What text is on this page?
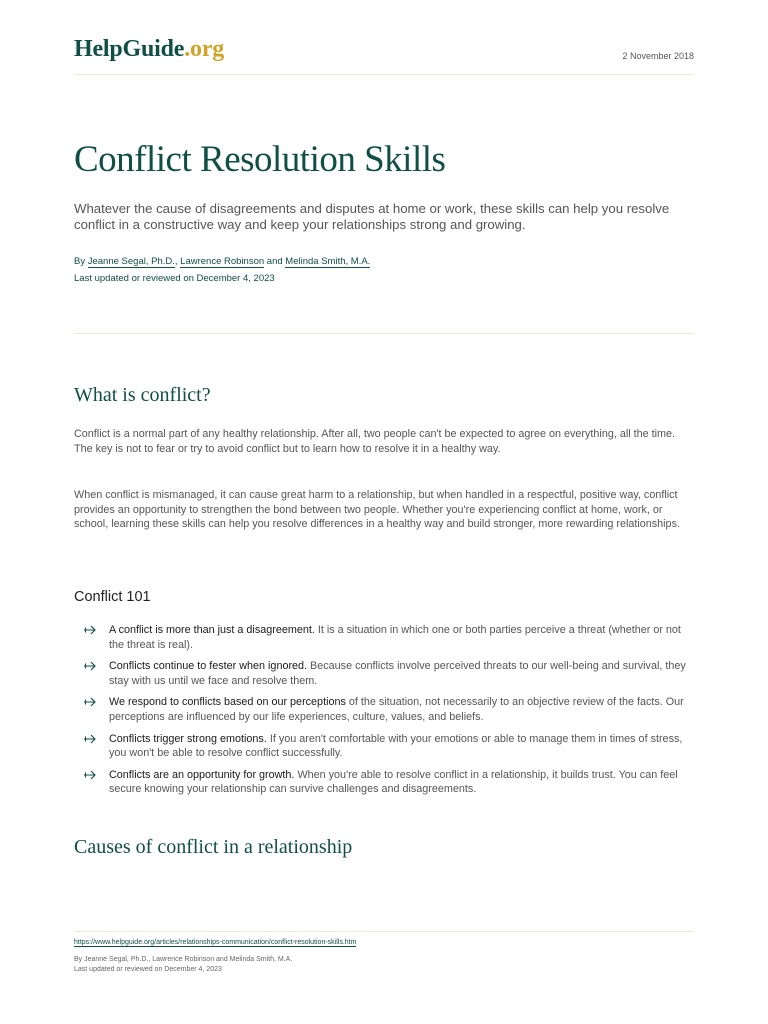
HelpGuide.org	2 November 2018
Conflict Resolution Skills

Whatever the cause of disagreements and disputes at home or work, these skills can help you resolve conflict in a constructive way and keep your relationships strong and growing.

By Jeanne Segal, Ph.D., Lawrence Robinson and Melinda Smith, M.A.
Last updated or reviewed on December 4, 2023
What is conflict?

Conflict is a normal part of any healthy relationship. After all, two people can't be expected to agree on everything, all the time. The key is not to fear or try to avoid conflict but to learn how to resolve it in a healthy way.

When conflict is mismanaged, it can cause great harm to a relationship, but when handled in a respectful, positive way, conflict provides an opportunity to strengthen the bond between two people. Whether you're experiencing conflict at home, work, or school, learning these skills can help you resolve differences in a healthy way and build stronger, more rewarding relationships.

Conflict 101
A conflict is more than just a disagreement. It is a situation in which one or both parties perceive a threat (whether or not the threat is real).
Conflicts continue to fester when ignored. Because conflicts involve perceived threats to our well-being and survival, they stay with us until we face and resolve them.
We respond to conflicts based on our perceptions of the situation, not necessarily to an objective review of the facts. Our perceptions are influenced by our life experiences, culture, values, and beliefs.
Conflicts trigger strong emotions. If you aren't comfortable with your emotions or able to manage them in times of stress, you won't be able to resolve conflict successfully.
Conflicts are an opportunity for growth. When you're able to resolve conflict in a relationship, it builds trust. You can feel secure knowing your relationship can survive challenges and disagreements.
Causes of conflict in a relationship
https://www.helpguide.org/articles/relationships-communication/conflict-resolution-skills.htm
By Jeanne Segal, Ph.D., Lawrence Robinson and Melinda Smith, M.A.
Last updated or reviewed on December 4, 2023
